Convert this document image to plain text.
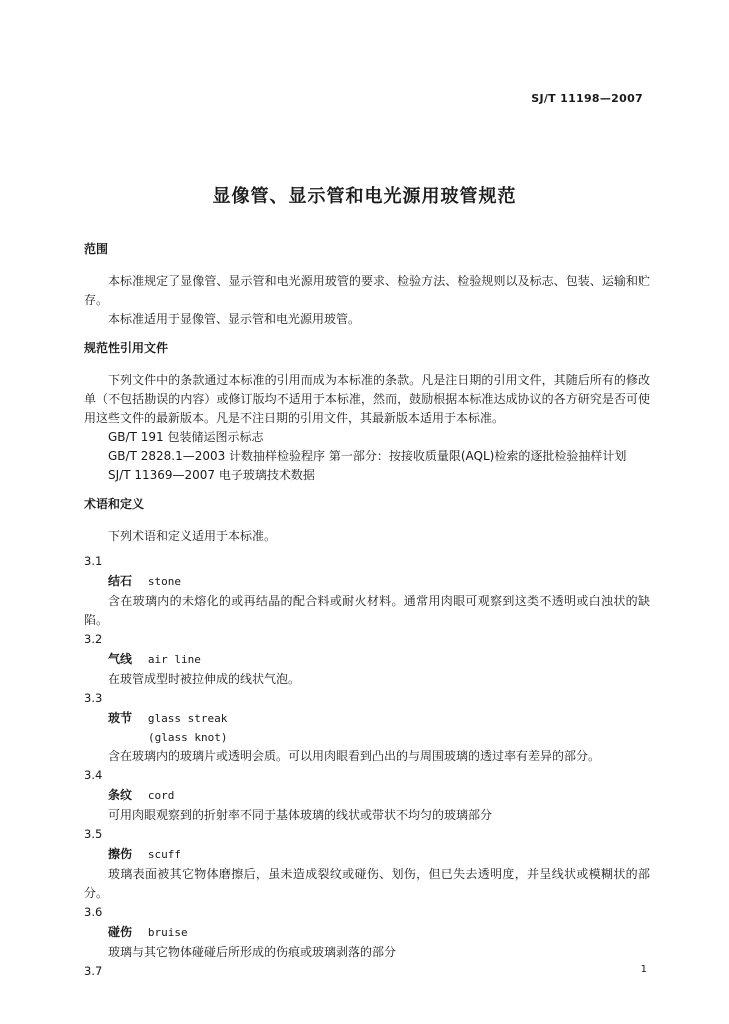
SJ/T 11198—2007
显像管、显示管和电光源用玻管规范
范围

本标准规定了显像管、显示管和电光源用玻管的要求、检验方法、检验规则以及标志、包装、运输和贮存。

本标准适用于显像管、显示管和电光源用玻管。

规范性引用文件

下列文件中的条款通过本标准的引用而成为本标准的条款。凡是注日期的引用文件，其随后所有的修改单（不包括勘误的内容）或修订版均不适用于本标准，然而，鼓励根据本标准达成协议的各方研究是否可使用这些文件的最新版本。凡是不注日期的引用文件，其最新版本适用于本标准。

GB/T 191 包装储运图示标志
GB/T 2828.1—2003 计数抽样检验程序 第一部分：按接收质量限(AQL)检索的逐批检验抽样计划
SJ/T 11369—2007 电子玻璃技术数据
术语和定义

下列术语和定义适用于本标准。

3.1
结石 stone
含在玻璃内的未熔化的或再结晶的配合料或耐火材料。通常用肉眼可观察到这类不透明或白浊状的缺陷。
3.2
气线 air line
在玻管成型时被拉伸成的线状气泡。
3.3
玻节 glass streak
(glass knot)
含在玻璃内的玻璃片或透明会质。可以用肉眼看到凸出的与周围玻璃的透过率有差异的部分。
3.4
条纹 cord
可用肉眼观察到的折射率不同于基体玻璃的线状或带状不均匀的玻璃部分
3.5
擦伤 scuff
玻璃表面被其它物体磨擦后，虽未造成裂纹或碰伤、划伤，但已失去透明度，并呈线状或模糊状的部分。
3.6
碰伤 bruise
玻璃与其它物体碰碰后所形成的伤痕或玻璃剥落的部分
3.7	1
